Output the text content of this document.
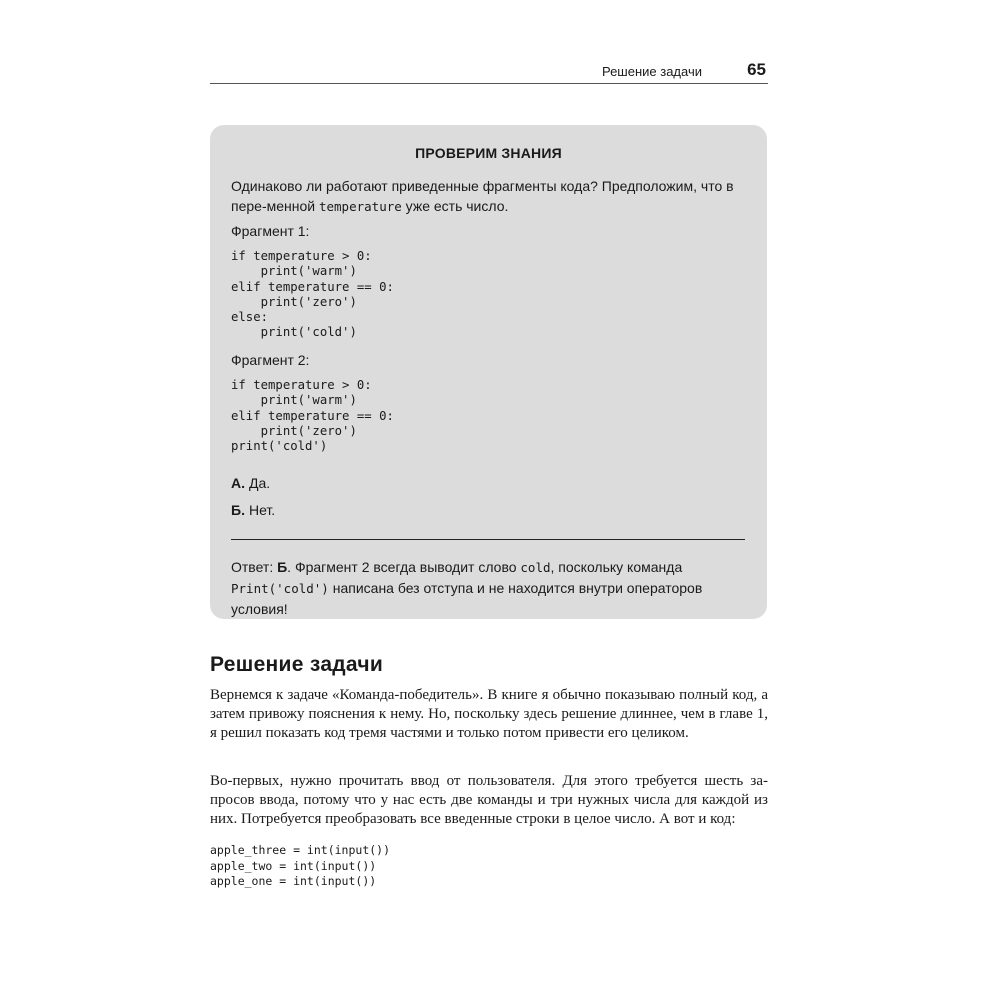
Решение задачи	65
ПРОВЕРИМ ЗНАНИЯ
Одинаково ли работают приведенные фрагменты кода? Предположим, что в пере-менной temperature уже есть число.
Фрагмент 1:
if temperature > 0:
print('warm')
elif temperature == 0:
print('zero')
else:
print('cold')
Фрагмент 2:
if temperature > 0:
print('warm')
elif temperature == 0:
print('zero')
print('cold')
А. Да.
Б. Нет.
Ответ: Б. Фрагмент 2 всегда выводит слово cold, поскольку команда Print('cold') написана без отступа и не находится внутри операторов условия!
Решение задачи
Вернемся к задаче «Команда-победитель». В книге я обычно показываю полный код, а затем привожу пояснения к нему. Но, поскольку здесь решение длиннее, чем в главе 1, я решил показать код тремя частями и только потом привести его целиком.
Во-первых, нужно прочитать ввод от пользователя. Для этого требуется шесть за-просов ввода, потому что у нас есть две команды и три нужных числа для каждой из них. Потребуется преобразовать все введенные строки в целое число. А вот и код:
apple_three = int(input())
apple_two = int(input())
apple_one = int(input())
